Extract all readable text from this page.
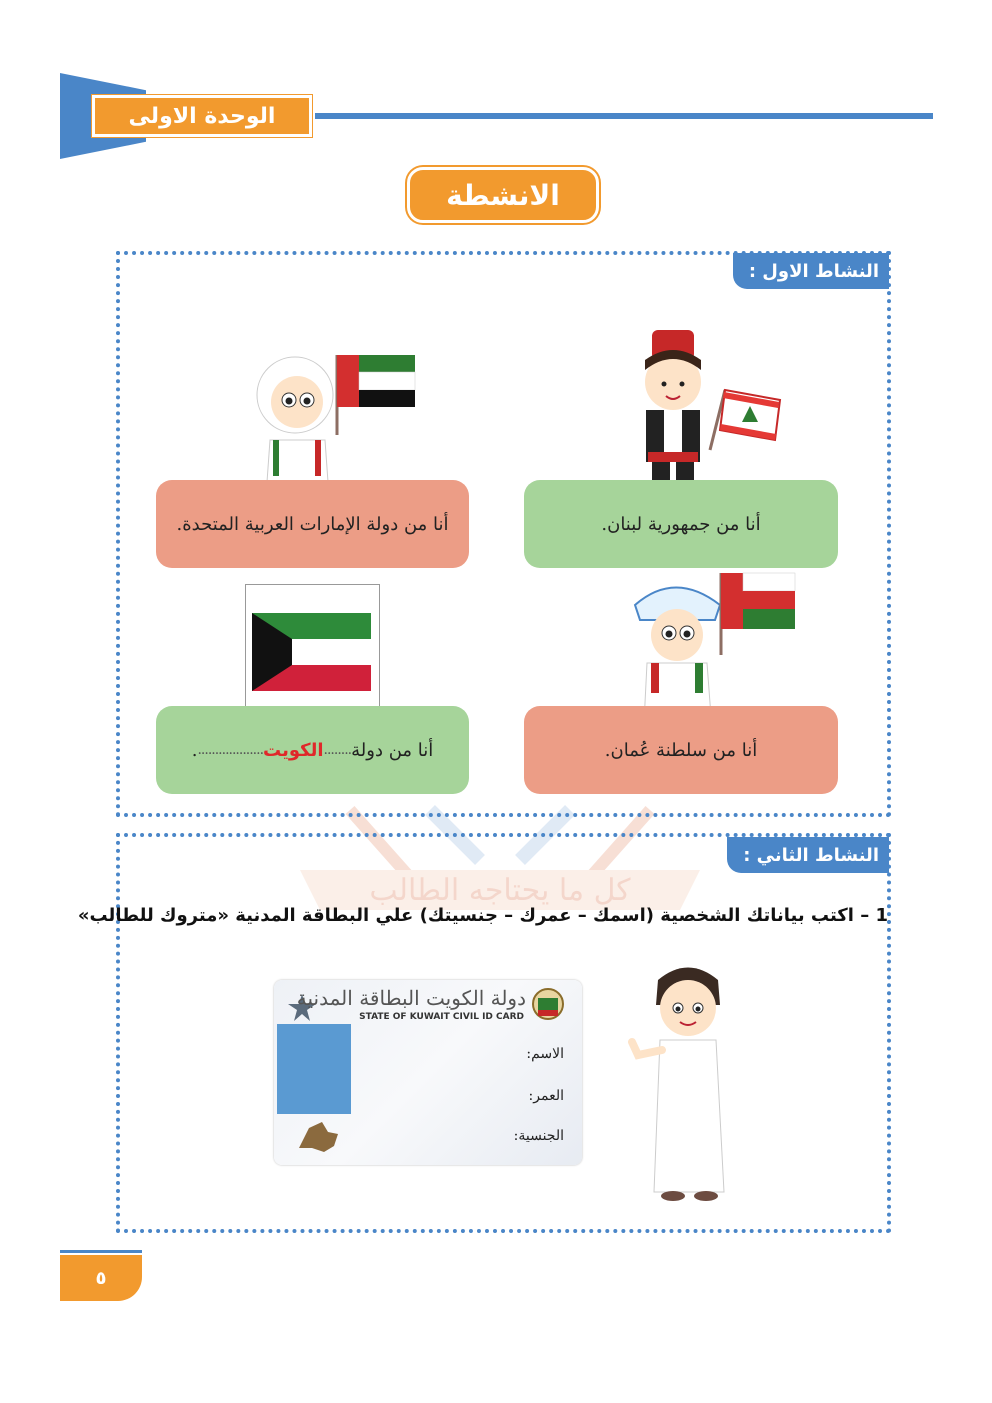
الوحدة الاولى
الانشطة
كل ما يحتاجه الطالب
النشاط الاول :
أنا من جمهورية لبنان.
أنا من دولة الإمارات العربية المتحدة.
أنا من سلطنة عُمان.
أنا من دولة
........
الكويت
...................
.
النشاط الثاني :
1 – اكتب بياناتك الشخصية (اسمك – عمرك – جنسيتك) علي البطاقة المدنية «متروك للطالب»
دولة الكويت البطاقة المدنية
STATE OF KUWAIT CIVIL ID CARD
الاسم:
العمر:
الجنسية:
٥
